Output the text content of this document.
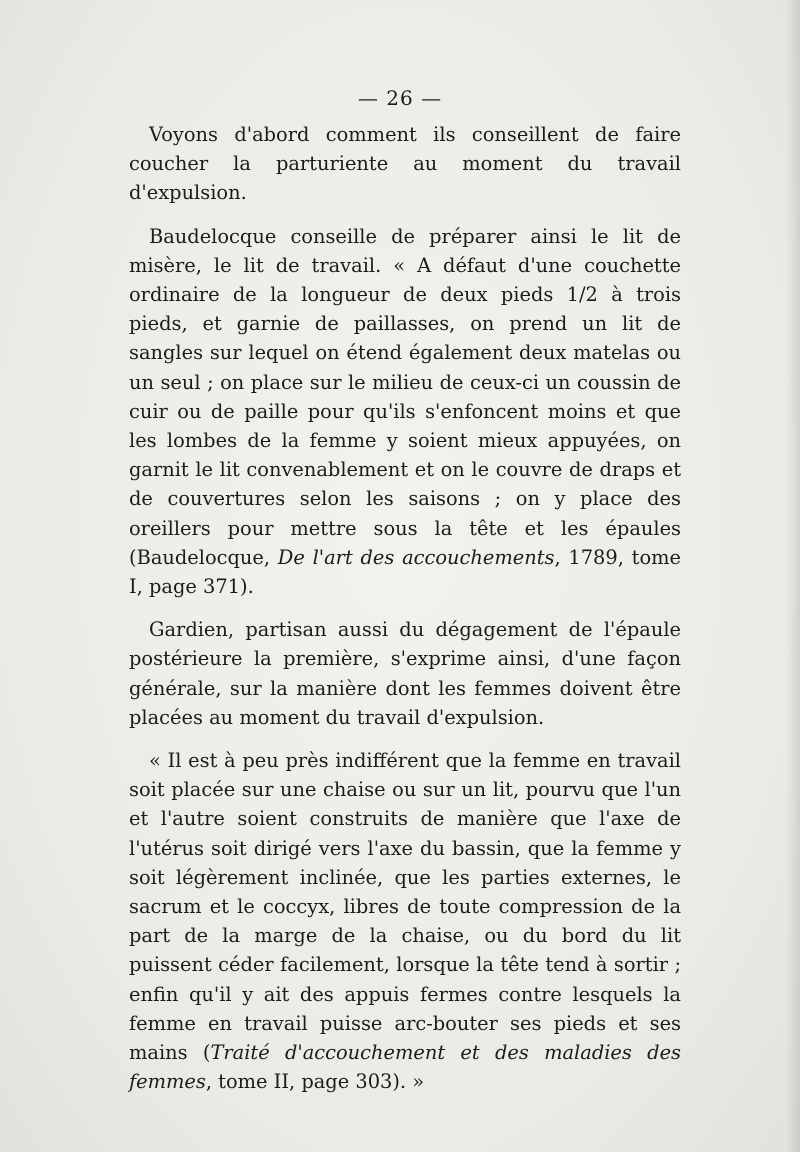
— 26 —

Voyons d'abord comment ils conseillent de faire coucher la parturiente au moment du travail d'expulsion.

Baudelocque conseille de préparer ainsi le lit de misère, le lit de travail. « A défaut d'une couchette ordinaire de la longueur de deux pieds 1/2 à trois pieds, et garnie de paillasses, on prend un lit de sangles sur lequel on étend également deux matelas ou un seul ; on place sur le milieu de ceux-ci un coussin de cuir ou de paille pour qu'ils s'enfoncent moins et que les lombes de la femme y soient mieux appuyées, on garnit le lit convenablement et on le couvre de draps et de couvertures selon les saisons ; on y place des oreillers pour mettre sous la tête et les épaules (Baudelocque, De l'art des accouchements, 1789, tome I, page 371).

Gardien, partisan aussi du dégagement de l'épaule postérieure la première, s'exprime ainsi, d'une façon générale, sur la manière dont les femmes doivent être placées au moment du travail d'expulsion.

« Il est à peu près indifférent que la femme en travail soit placée sur une chaise ou sur un lit, pourvu que l'un et l'autre soient construits de manière que l'axe de l'utérus soit dirigé vers l'axe du bassin, que la femme y soit légèrement inclinée, que les parties externes, le sacrum et le coccyx, libres de toute compression de la part de la marge de la chaise, ou du bord du lit puissent céder facilement, lorsque la tête tend à sortir ; enfin qu'il y ait des appuis fermes contre lesquels la femme en travail puisse arc-bouter ses pieds et ses mains (Traité d'accouchement et des maladies des femmes, tome II, page 303). »
